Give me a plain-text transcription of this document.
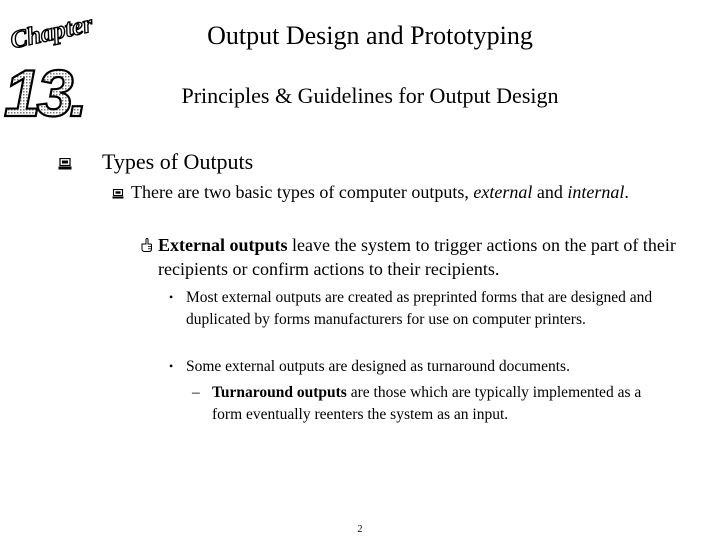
Chapter
13.
Output Design and Prototyping
Principles & Guidelines for Output Design
Types of Outputs
There are two basic types of computer outputs, external and internal.
External outputs leave the system to trigger actions on the part of their recipients or confirm actions to their recipients.
• Most external outputs are created as preprinted forms that are designed and duplicated by forms manufacturers for use on computer printers.
• Some external outputs are designed as turnaround documents.
– Turnaround outputs are those which are typically implemented as a form eventually reenters the system as an input.
2
